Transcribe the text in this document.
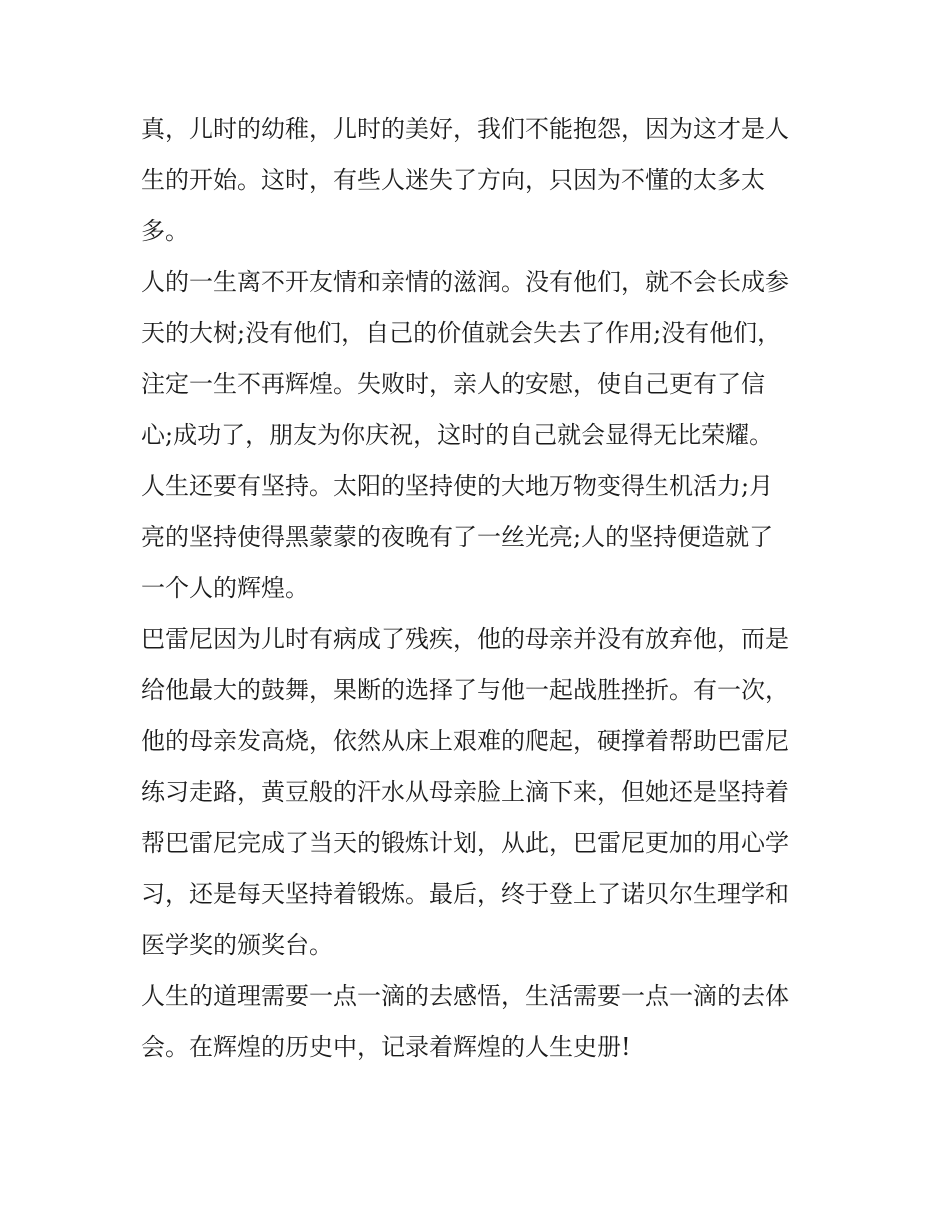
真，儿时的幼稚，儿时的美好，我们不能抱怨，因为这才是人
生的开始。这时，有些人迷失了方向，只因为不懂的太多太
多。

人的一生离不开友情和亲情的滋润。没有他们，就不会长成参
天的大树;没有他们，自己的价值就会失去了作用;没有他们，
注定一生不再辉煌。失败时，亲人的安慰，使自己更有了信
心;成功了，朋友为你庆祝，这时的自己就会显得无比荣耀。

人生还要有坚持。太阳的坚持使的大地万物变得生机活力;月
亮的坚持使得黑蒙蒙的夜晚有了一丝光亮;人的坚持便造就了
一个人的辉煌。

巴雷尼因为儿时有病成了残疾，他的母亲并没有放弃他，而是
给他最大的鼓舞，果断的选择了与他一起战胜挫折。有一次，
他的母亲发高烧，依然从床上艰难的爬起，硬撑着帮助巴雷尼
练习走路，黄豆般的汗水从母亲脸上滴下来，但她还是坚持着
帮巴雷尼完成了当天的锻炼计划，从此，巴雷尼更加的用心学
习，还是每天坚持着锻炼。最后，终于登上了诺贝尔生理学和
医学奖的颁奖台。

人生的道理需要一点一滴的去感悟，生活需要一点一滴的去体
会。在辉煌的历史中，记录着辉煌的人生史册!
